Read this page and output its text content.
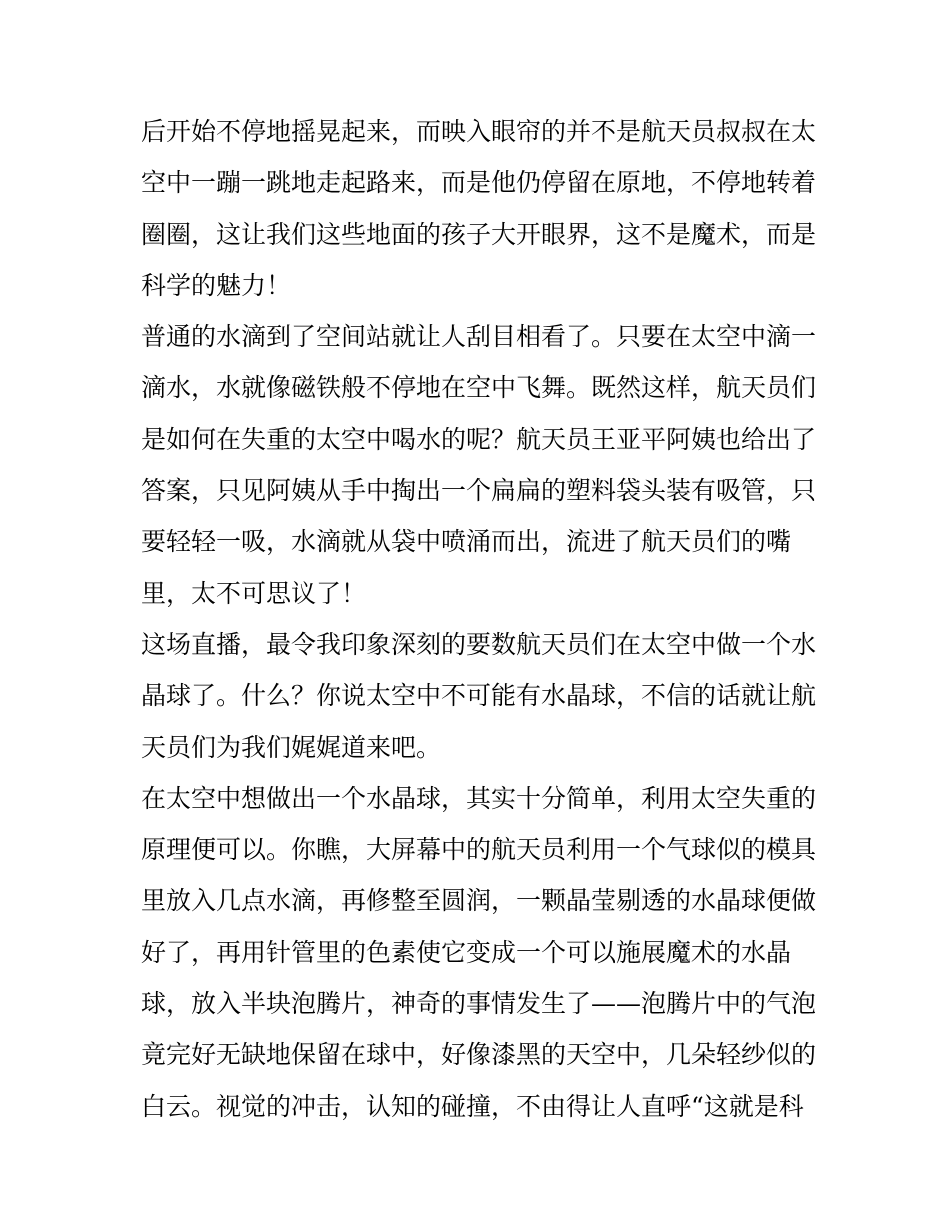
后开始不停地摇晃起来，而映入眼帘的并不是航天员叔叔在太
空中一蹦一跳地走起路来，而是他仍停留在原地，不停地转着
圈圈，这让我们这些地面的孩子大开眼界，这不是魔术，而是
科学的魅力！
普通的水滴到了空间站就让人刮目相看了。只要在太空中滴一
滴水，水就像磁铁般不停地在空中飞舞。既然这样，航天员们
是如何在失重的太空中喝水的呢？航天员王亚平阿姨也给出了
答案，只见阿姨从手中掏出一个扁扁的塑料袋头装有吸管，只
要轻轻一吸，水滴就从袋中喷涌而出，流进了航天员们的嘴
里，太不可思议了！
这场直播，最令我印象深刻的要数航天员们在太空中做一个水
晶球了。什么？你说太空中不可能有水晶球，不信的话就让航
天员们为我们娓娓道来吧。
在太空中想做出一个水晶球，其实十分简单，利用太空失重的
原理便可以。你瞧，大屏幕中的航天员利用一个气球似的模具
里放入几点水滴，再修整至圆润，一颗晶莹剔透的水晶球便做
好了，再用针管里的色素使它变成一个可以施展魔术的水晶
球，放入半块泡腾片，神奇的事情发生了——泡腾片中的气泡
竟完好无缺地保留在球中，好像漆黑的天空中，几朵轻纱似的
白云。视觉的冲击，认知的碰撞，不由得让人直呼“这就是科
